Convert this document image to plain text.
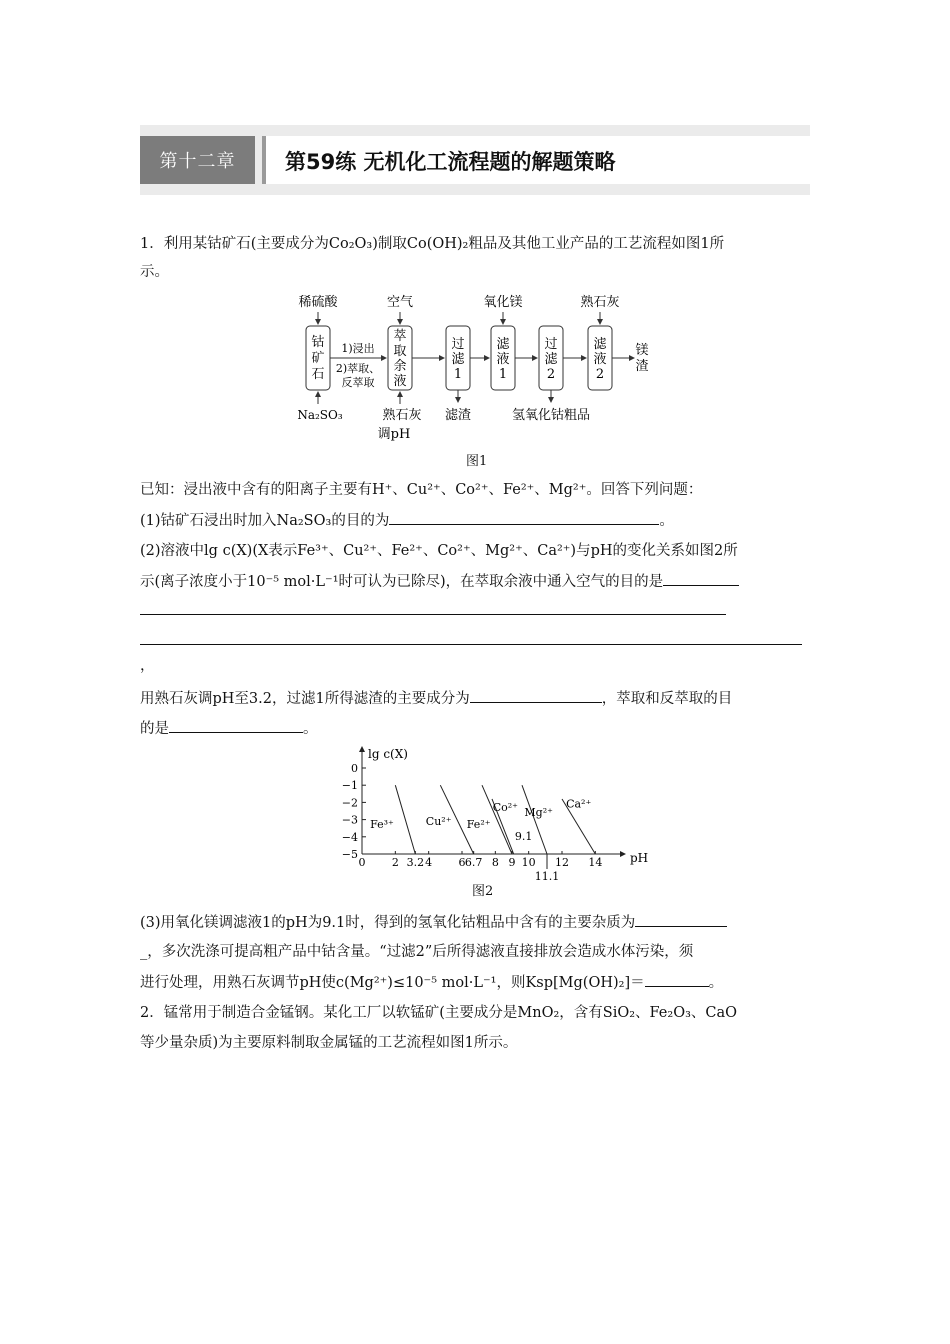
第十二章	第59练 无机化工流程题的解题策略
1．利用某钴矿石(主要成分为Co₂O₃)制取Co(OH)₂粗品及其他工业产品的工艺流程如图1所
示。
稀硫酸	空气	氧化镁	熟石灰
钴
矿
石
萃
取
余
液
过
滤
1
滤
液
1
过
滤
2
滤
液
2
1)浸出
2)萃取、
反萃取
镁
渣
Na₂SO₃	熟石灰
调pH
滤渣	氢氧化钴粗品
图1
已知：浸出液中含有的阳离子主要有H⁺、Cu²⁺、Co²⁺、Fe²⁺、Mg²⁺。回答下列问题：
(1)钴矿石浸出时加入Na₂SO₃的目的为	。
(2)溶液中lg c(X)(X表示Fe³⁺、Cu²⁺、Fe²⁺、Co²⁺、Mg²⁺、Ca²⁺)与pH的变化关系如图2所
示(离子浓度小于10⁻⁵ mol·L⁻¹时可认为已除尽)，在萃取余液中通入空气的目的是
，
用熟石灰调pH至3.2，过滤1所得滤渣的主要成分为	，萃取和反萃取的目
的是	。
lg c(X)
pH
0
−1
−2
−3
−4
−5
0 2 3.2 4 6 6.7 8 9 10 12 14
11.1
Fe³⁺	Cu²⁺ Fe²⁺
Co²⁺ Mg²⁺
Ca²⁺
9.1
图2
(3)用氧化镁调滤液1的pH为9.1时，得到的氢氧化钴粗品中含有的主要杂质为
_，多次洗涤可提高粗产品中钴含量。“过滤2”后所得滤液直接排放会造成水体污染，须
进行处理，用熟石灰调节pH使c(Mg²⁺)≤10⁻⁵ mol·L⁻¹，则Ksp[Mg(OH)₂]＝	。
2．锰常用于制造合金锰钢。某化工厂以软锰矿(主要成分是MnO₂，含有SiO₂、Fe₂O₃、CaO
等少量杂质)为主要原料制取金属锰的工艺流程如图1所示。
